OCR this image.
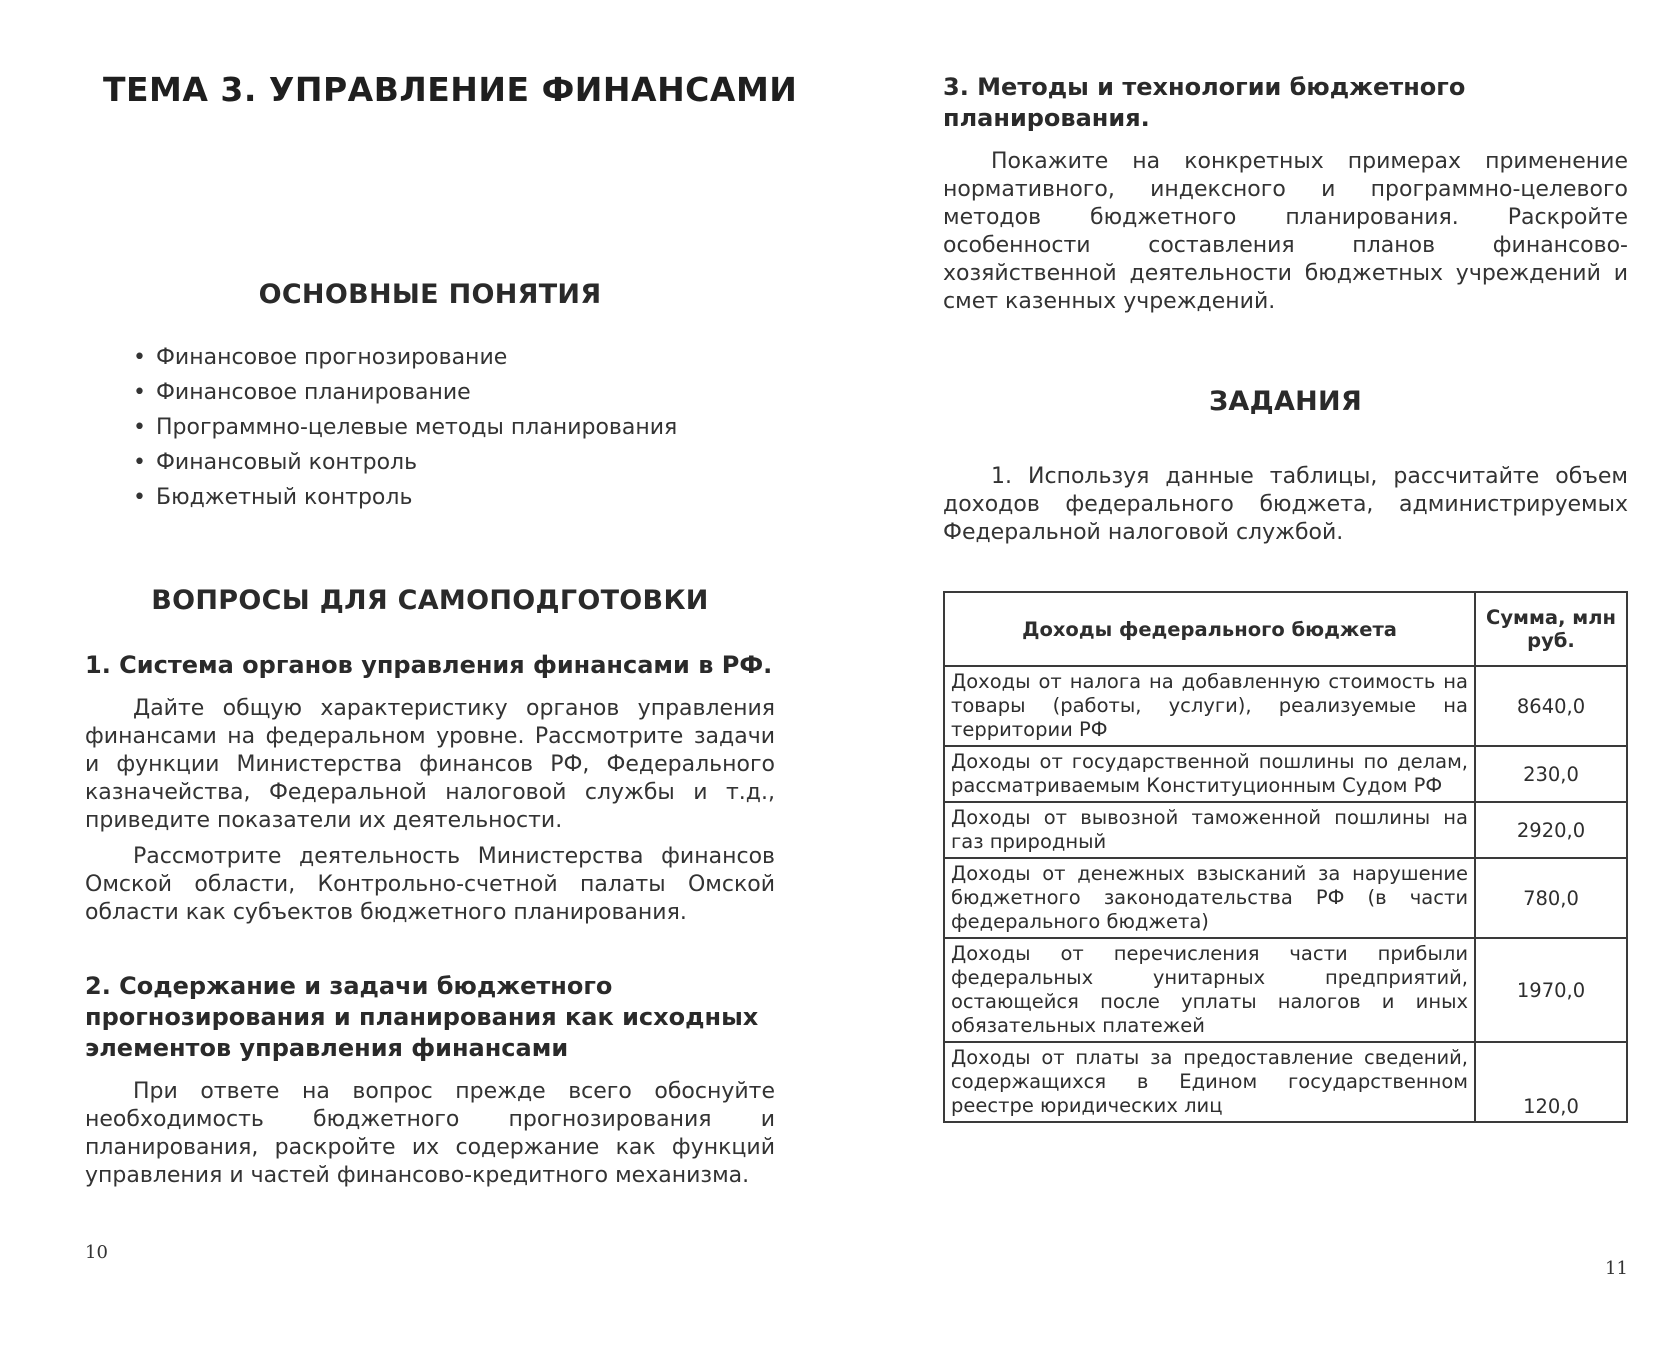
ТЕМА 3. УПРАВЛЕНИЕ ФИНАНСАМИ
ОСНОВНЫЕ ПОНЯТИЯ
• Финансовое прогнозирование
• Финансовое планирование
• Программно-целевые методы планирования
• Финансовый контроль
• Бюджетный контроль
ВОПРОСЫ ДЛЯ САМОПОДГОТОВКИ
1. Система органов управления финансами в РФ.

Дайте общую характеристику органов управления финансами на федеральном уровне. Рассмотрите задачи и функции Министерства финансов РФ, Федерального казначейства, Федеральной налоговой службы и т.д., приведите показатели их деятельности.

Рассмотрите деятельность Министерства финансов Омской области, Контрольно-счетной палаты Омской области как субъектов бюджетного планирования.

2. Содержание и задачи бюджетного прогнозирования и планирования как исходных элементов управления финансами

При ответе на вопрос прежде всего обоснуйте необходимость бюджетного прогнозирования и планирования, раскройте их содержание как функций управления и частей финансово-кредитного механизма.

10
3. Методы и технологии бюджетного планирования.

Покажите на конкретных примерах применение нормативного, индексного и программно-целевого методов бюджетного планирования. Раскройте особенности составления планов финансово-хозяйственной деятельности бюджетных учреждений и смет казенных учреждений.

ЗАДАНИЯ

1. Используя данные таблицы, рассчитайте объем доходов федерального бюджета, администрируемых Федеральной налоговой службой.

Доходы федерального бюджета	Сумма, млн руб.
Доходы от налога на добавленную стоимость на товары (работы, услуги), реализуемые на территории РФ	8640,0
Доходы от государственной пошлины по делам, рассматриваемым Конституционным Судом РФ	230,0
Доходы от вывозной таможенной пошлины на газ природный	2920,0
Доходы от денежных взысканий за нарушение бюджетного законодательства РФ (в части федерального бюджета)	780,0
Доходы от перечисления части прибыли федеральных унитарных предприятий, остающейся после уплаты налогов и иных обязательных платежей	1970,0
Доходы от платы за предоставление сведений, содержащихся в Едином государственном реестре юридических лиц	120,0
11
